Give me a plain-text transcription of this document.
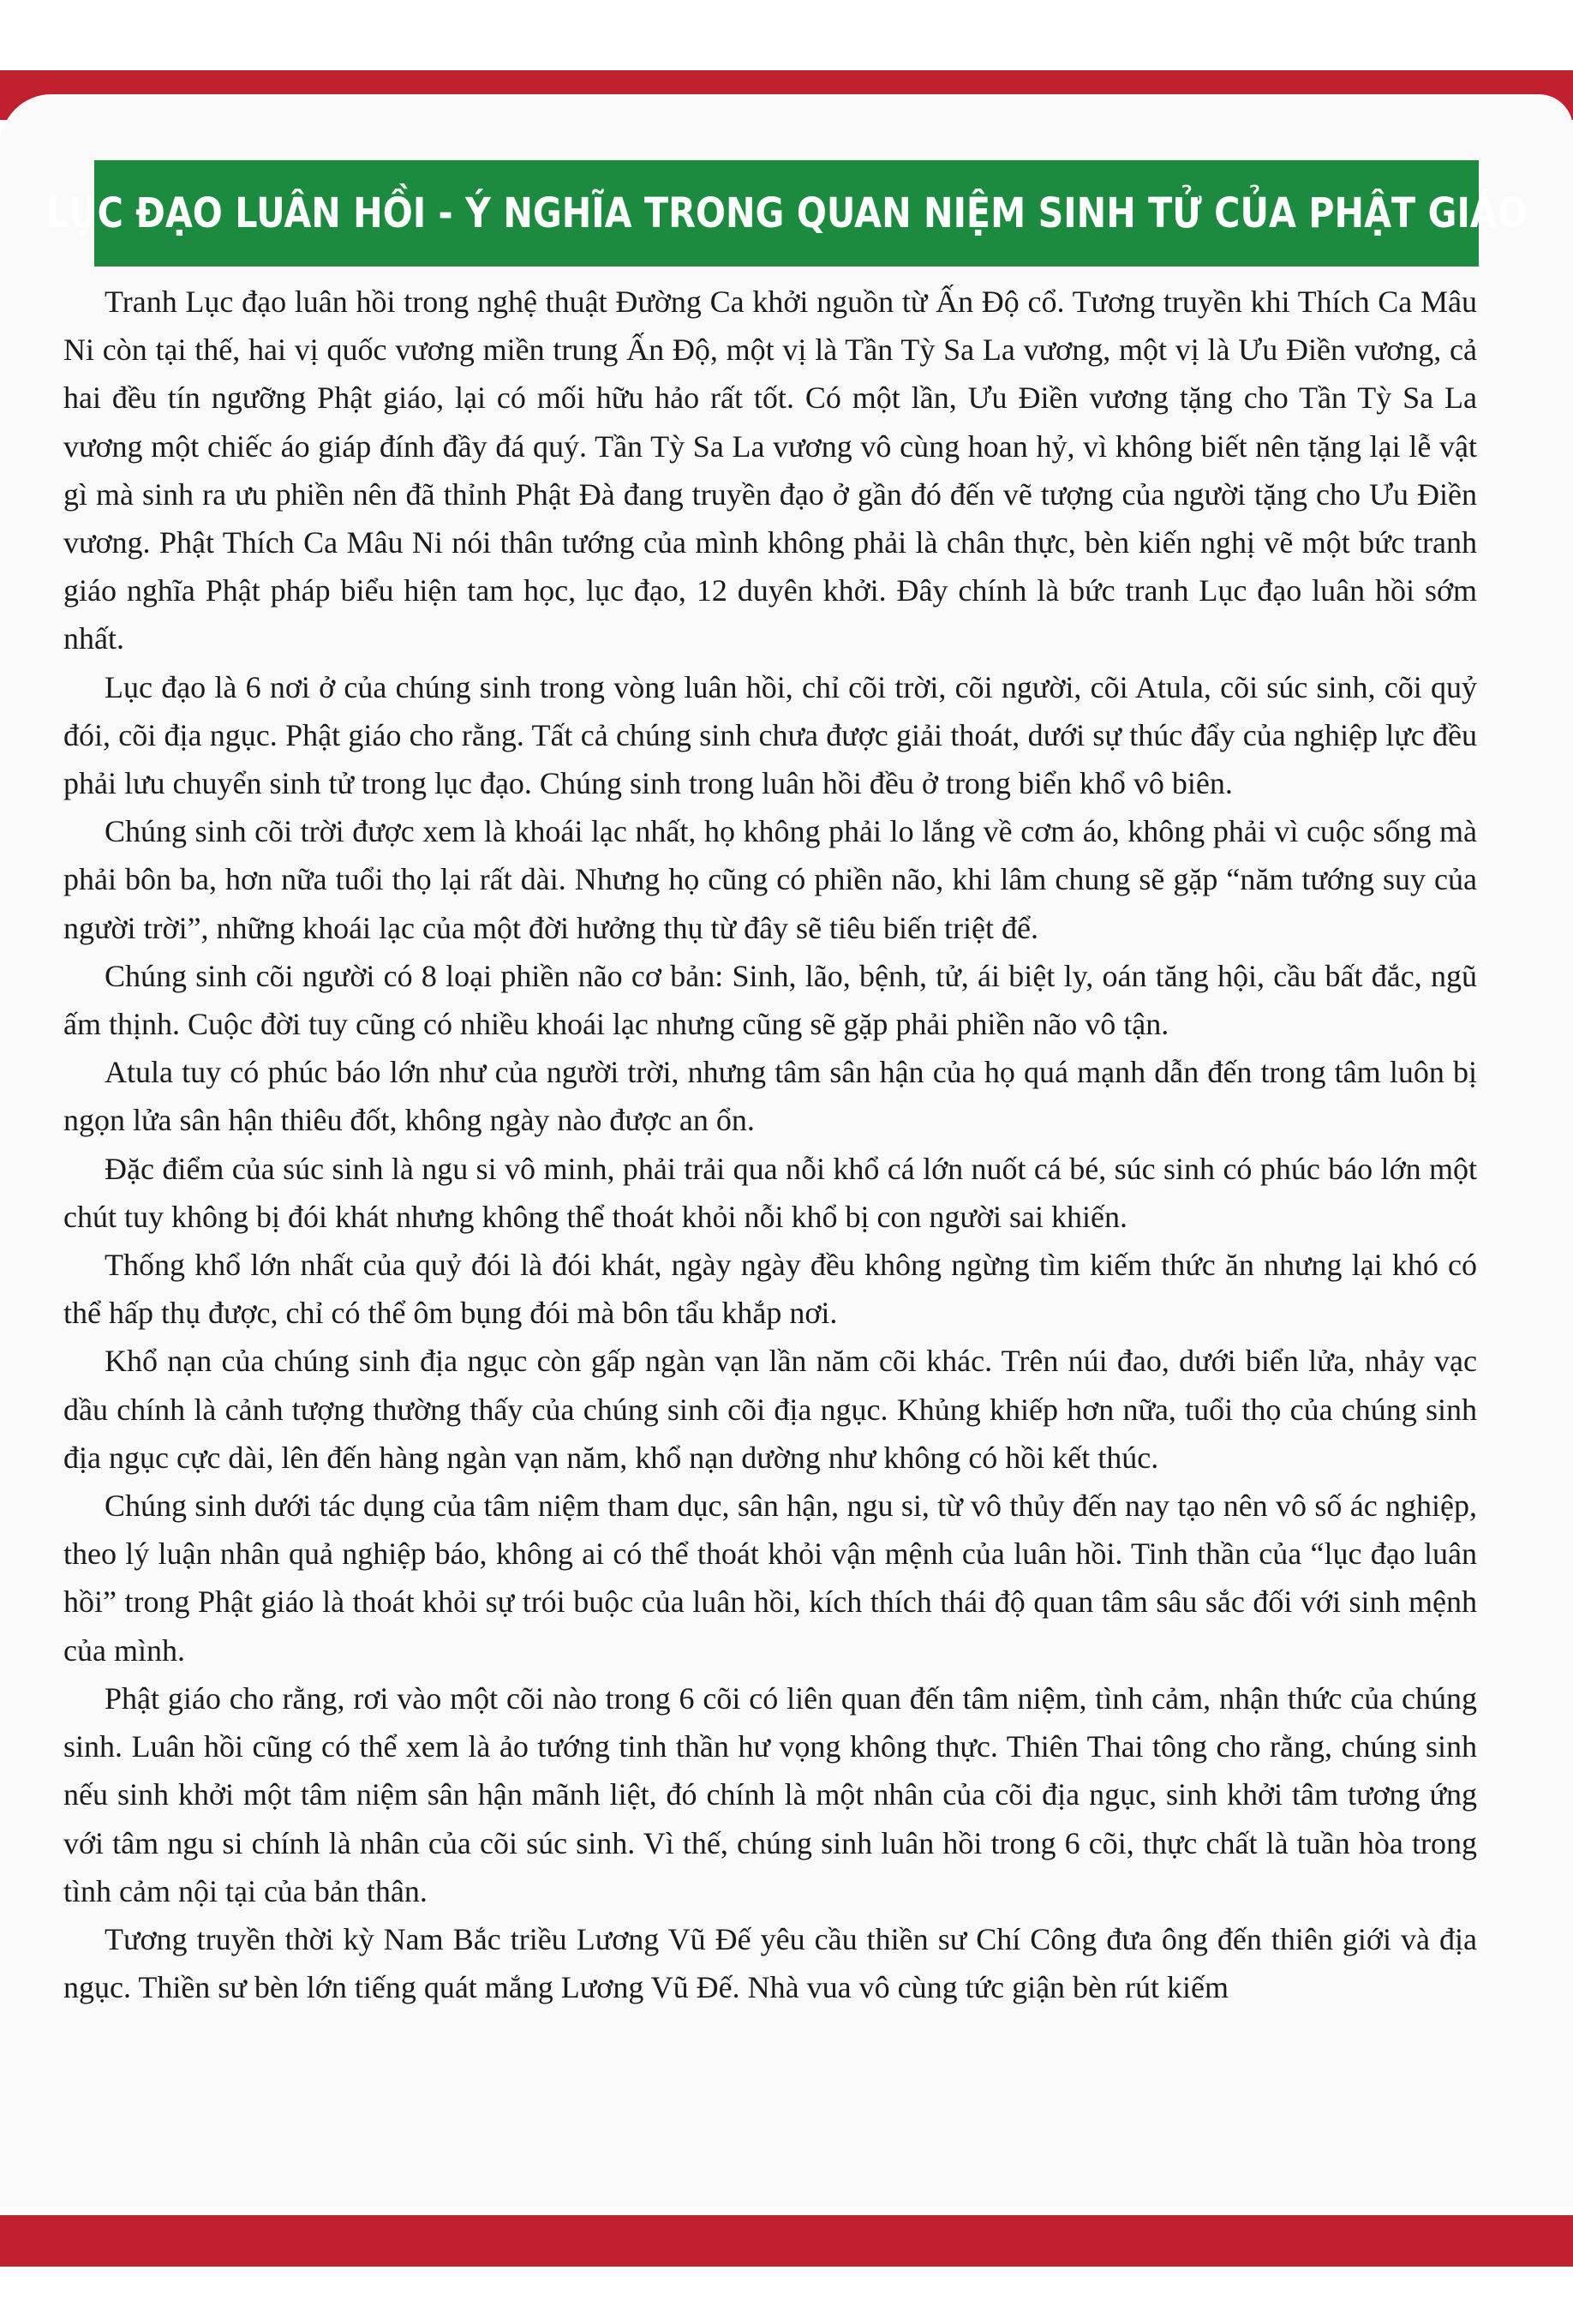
LỤC ĐẠO LUÂN HỒI - Ý NGHĨA TRONG QUAN NIỆM SINH TỬ CỦA PHẬT GIÁO

Tranh Lục đạo luân hồi trong nghệ thuật Đường Ca khởi nguồn từ Ấn Độ cổ. Tương truyền khi Thích Ca Mâu Ni còn tại thế, hai vị quốc vương miền trung Ấn Độ, một vị là Tần Tỳ Sa La vương, một vị là Ưu Điền vương, cả hai đều tín ngưỡng Phật giáo, lại có mối hữu hảo rất tốt. Có một lần, Ưu Điền vương tặng cho Tần Tỳ Sa La vương một chiếc áo giáp đính đầy đá quý. Tần Tỳ Sa La vương vô cùng hoan hỷ, vì không biết nên tặng lại lễ vật gì mà sinh ra ưu phiền nên đã thỉnh Phật Đà đang truyền đạo ở gần đó đến vẽ tượng của người tặng cho Ưu Điền vương. Phật Thích Ca Mâu Ni nói thân tướng của mình không phải là chân thực, bèn kiến nghị vẽ một bức tranh giáo nghĩa Phật pháp biểu hiện tam học, lục đạo, 12 duyên khởi. Đây chính là bức tranh Lục đạo luân hồi sớm nhất.

Lục đạo là 6 nơi ở của chúng sinh trong vòng luân hồi, chỉ cõi trời, cõi người, cõi Atula, cõi súc sinh, cõi quỷ đói, cõi địa ngục. Phật giáo cho rằng. Tất cả chúng sinh chưa được giải thoát, dưới sự thúc đẩy của nghiệp lực đều phải lưu chuyển sinh tử trong lục đạo. Chúng sinh trong luân hồi đều ở trong biển khổ vô biên.

Chúng sinh cõi trời được xem là khoái lạc nhất, họ không phải lo lắng về cơm áo, không phải vì cuộc sống mà phải bôn ba, hơn nữa tuổi thọ lại rất dài. Nhưng họ cũng có phiền não, khi lâm chung sẽ gặp “năm tướng suy của người trời”, những khoái lạc của một đời hưởng thụ từ đây sẽ tiêu biến triệt để.

Chúng sinh cõi người có 8 loại phiền não cơ bản: Sinh, lão, bệnh, tử, ái biệt ly, oán tăng hội, cầu bất đắc, ngũ ấm thịnh. Cuộc đời tuy cũng có nhiều khoái lạc nhưng cũng sẽ gặp phải phiền não vô tận.

Atula tuy có phúc báo lớn như của người trời, nhưng tâm sân hận của họ quá mạnh dẫn đến trong tâm luôn bị ngọn lửa sân hận thiêu đốt, không ngày nào được an ổn.

Đặc điểm của súc sinh là ngu si vô minh, phải trải qua nỗi khổ cá lớn nuốt cá bé, súc sinh có phúc báo lớn một chút tuy không bị đói khát nhưng không thể thoát khỏi nỗi khổ bị con người sai khiến.

Thống khổ lớn nhất của quỷ đói là đói khát, ngày ngày đều không ngừng tìm kiếm thức ăn nhưng lại khó có thể hấp thụ được, chỉ có thể ôm bụng đói mà bôn tẩu khắp nơi.

Khổ nạn của chúng sinh địa ngục còn gấp ngàn vạn lần năm cõi khác. Trên núi đao, dưới biển lửa, nhảy vạc dầu chính là cảnh tượng thường thấy của chúng sinh cõi địa ngục. Khủng khiếp hơn nữa, tuổi thọ của chúng sinh địa ngục cực dài, lên đến hàng ngàn vạn năm, khổ nạn dường như không có hồi kết thúc.

Chúng sinh dưới tác dụng của tâm niệm tham dục, sân hận, ngu si, từ vô thủy đến nay tạo nên vô số ác nghiệp, theo lý luận nhân quả nghiệp báo, không ai có thể thoát khỏi vận mệnh của luân hồi. Tinh thần của “lục đạo luân hồi” trong Phật giáo là thoát khỏi sự trói buộc của luân hồi, kích thích thái độ quan tâm sâu sắc đối với sinh mệnh của mình.

Phật giáo cho rằng, rơi vào một cõi nào trong 6 cõi có liên quan đến tâm niệm, tình cảm, nhận thức của chúng sinh. Luân hồi cũng có thể xem là ảo tướng tinh thần hư vọng không thực. Thiên Thai tông cho rằng, chúng sinh nếu sinh khởi một tâm niệm sân hận mãnh liệt, đó chính là một nhân của cõi địa ngục, sinh khởi tâm tương ứng với tâm ngu si chính là nhân của cõi súc sinh. Vì thế, chúng sinh luân hồi trong 6 cõi, thực chất là tuần hòa trong tình cảm nội tại của bản thân.

Tương truyền thời kỳ Nam Bắc triều Lương Vũ Đế yêu cầu thiền sư Chí Công đưa ông đến thiên giới và địa ngục. Thiền sư bèn lớn tiếng quát mắng Lương Vũ Đế. Nhà vua vô cùng tức giận bèn rút kiếm
